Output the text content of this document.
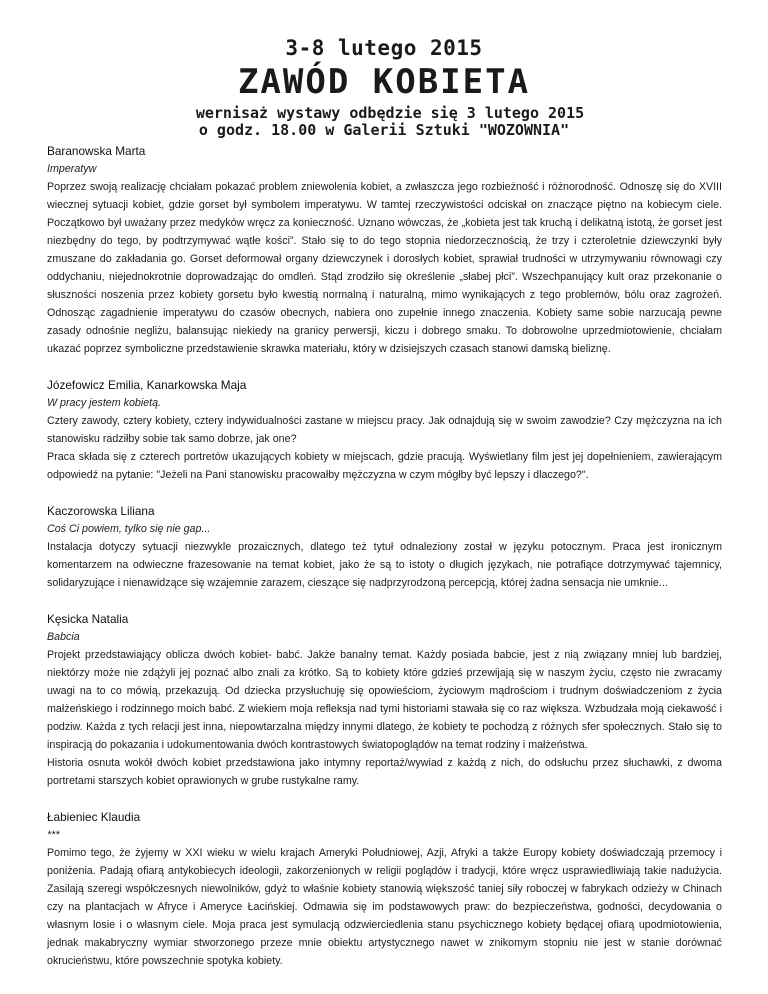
3-8 lutego 2015
ZAWÓD KOBIETA
wernisaż wystawy odbędzie się 3 lutego 2015
o godz. 18.00 w Galerii Sztuki "WOZOWNIA"
Baranowska Marta
Imperatyw
Poprzez swoją realizację chciałam pokazać problem zniewolenia kobiet, a zwłaszcza jego rozbieżność i różnorodność. Odnoszę się do XVIII wiecznej sytuacji kobiet, gdzie gorset był symbolem imperatywu. W tamtej rzeczywistości odciskał on znaczące piętno na kobiecym ciele. Początkowo był uważany przez medyków wręcz za konieczność. Uznano wówczas, że „kobieta jest tak kruchą i delikatną istotą, że gorset jest niezbędny do tego, by podtrzymywać wątłe kości”. Stało się to do tego stopnia niedorzecznością, że trzy i czteroletnie dziewczynki były zmuszane do zakładania go. Gorset deformował organy dziewczynek i dorosłych kobiet, sprawiał trudności w utrzymywaniu równowagi czy oddychaniu, niejednokrotnie doprowadzając do omdleń. Stąd zrodziło się określenie „słabej płci”. Wszechpanujący kult oraz przekonanie o słuszności noszenia przez kobiety gorsetu było kwestią normalną i naturalną, mimo wynikających z tego problemów, bólu oraz zagrożeń. Odnosząc zagadnienie imperatywu do czasów obecnych, nabiera ono zupełnie innego znaczenia. Kobiety same sobie narzucają pewne zasady odnośnie negliżu, balansując niekiedy na granicy perwersji, kiczu i dobrego smaku. To dobrowolne uprzedmiotowienie, chciałam ukazać poprzez symboliczne przedstawienie skrawka materiału, który w dzisiejszych czasach stanowi damską bieliznę.
Józefowicz Emilia, Kanarkowska Maja
W pracy jestem kobietą.
Cztery zawody, cztery kobiety, cztery indywidualności zastane w miejscu pracy. Jak odnajdują się w swoim zawodzie? Czy mężczyzna na ich stanowisku radziłby sobie tak samo dobrze, jak one?
Praca składa się z czterech portretów ukazujących kobiety w miejscach, gdzie pracują. Wyświetlany film jest jej dopełnieniem, zawierającym odpowiedź na pytanie: "Jeżeli na Pani stanowisku pracowałby mężczyzna w czym mógłby być lepszy i dlaczego?".
Kaczorowska Liliana
Coś Ci powiem, tylko się nie gap...
Instalacja dotyczy sytuacji niezwykle prozaicznych, dlatego też tytuł odnaleziony został w języku potocznym. Praca jest ironicznym komentarzem na odwieczne frazesowanie na temat kobiet, jako że są to istoty o długich językach, nie potrafiące dotrzymywać tajemnicy, solidaryzujące i nienawidzące się wzajemnie zarazem, cieszące się nadprzyrodzoną percepcją, której żadna sensacja nie umknie...
Kęsicka Natalia
Babcia
Projekt przedstawiający oblicza dwóch kobiet- babć. Jakże banalny temat. Każdy posiada babcie, jest z nią związany mniej lub bardziej, niektórzy może nie zdążyli jej poznać albo znali za krótko. Są to kobiety które gdzieś przewijają się w naszym życiu, często nie zwracamy uwagi na to co mówią, przekazują. Od dziecka przysłuchuję się opowieściom, życiowym mądrościom i trudnym doświadczeniom z życia małżeńskiego i rodzinnego moich babć. Z wiekiem moja refleksja nad tymi historiami stawała się co raz większa. Wzbudzała moją ciekawość i podziw. Każda z tych relacji jest inna, niepowtarzalna między innymi dlatego, że kobiety te pochodzą z różnych sfer społecznych. Stało się to inspiracją do pokazania i udokumentowania dwóch kontrastowych światopoglądów na temat rodziny i małżeństwa.
Historia osnuta wokół dwóch kobiet przedstawiona jako intymny reportaż/wywiad z każdą z nich, do odsłuchu przez słuchawki, z dwoma portretami starszych kobiet oprawionych w grube rustykalne ramy.
Łabieniec Klaudia
***
Pomimo tego, że żyjemy w XXI wieku w wielu krajach Ameryki Południowej, Azji, Afryki a także Europy kobiety doświadczają przemocy i poniżenia. Padają ofiarą antykobiecych ideologii, zakorzenionych w religii poglądów i tradycji, które wręcz usprawiedliwiają takie nadużycia. Zasilają szeregi współczesnych niewolników, gdyż to właśnie kobiety stanowią większość taniej siły roboczej w fabrykach odzieży w Chinach czy na plantacjach w Afryce i Ameryce Łacińskiej. Odmawia się im podstawowych praw: do bezpieczeństwa, godności, decydowania o własnym losie i o własnym ciele. Moja praca jest symulacją odzwierciedlenia stanu psychicznego kobiety będącej ofiarą upodmiotowienia, jednak makabryczny wymiar stworzonego przeze mnie obiektu artystycznego nawet w znikomym stopniu nie jest w stanie dorównać okrucieństwu, które powszechnie spotyka kobiety.
